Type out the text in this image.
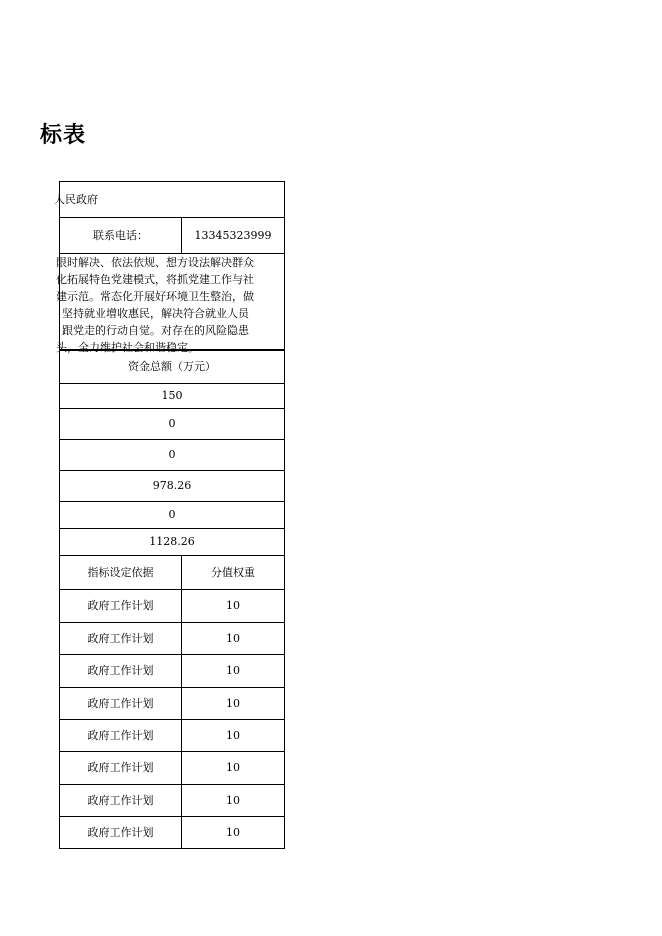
标表
人民政府
联系电话：	13345323999
限时解决、依法依规、想方设法解决群众
化拓展特色党建模式，将抓党建工作与社
建示范。常态化开展好环境卫生整治，做
坚持就业增收惠民，解决符合就业人员
跟党走的行动自觉。对存在的风险隐患
头，全力维护社会和谐稳定。
资金总额（万元）
150
0
0
978.26
0
1128.26
指标设定依据	分值权重
政府工作计划	10
政府工作计划	10
政府工作计划	10
政府工作计划	10
政府工作计划	10
政府工作计划	10
政府工作计划	10
政府工作计划	10
